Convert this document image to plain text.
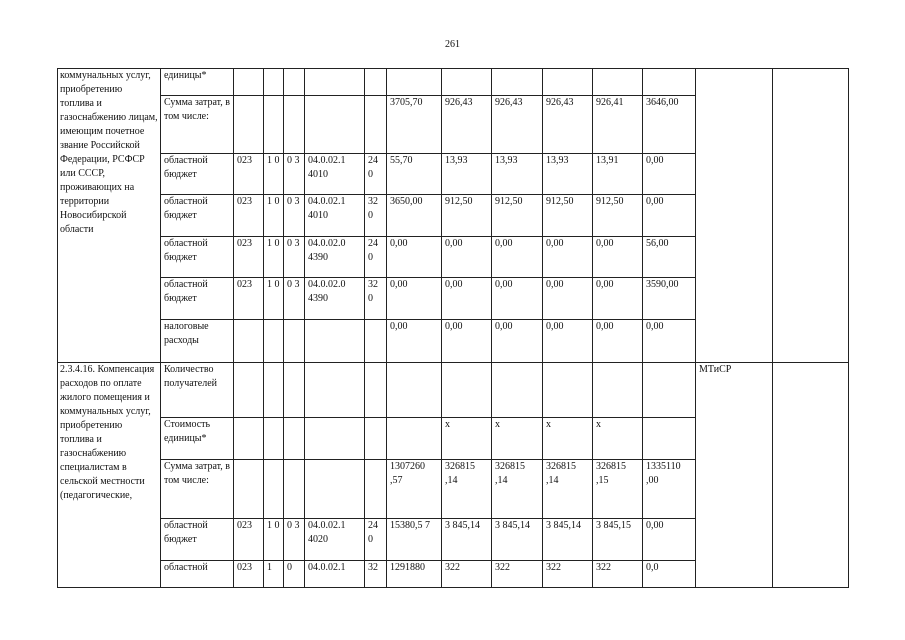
261
коммунальных услуг, приобретению топлива и газоснабжению лицам, имеющим почетное звание Российской Федерации, РСФСР или СССР, проживающих на территории Новосибирской области	единицы*													
	Сумма затрат, в том числе:						3705,70	926,43	926,43	926,43	926,41	3646,00		
	областной бюджет	023	1 0	0 3	04.0.02.1 4010	24 0	55,70	13,93	13,93	13,93	13,91	0,00		
	областной бюджет	023	1 0	0 3	04.0.02.1 4010	32 0	3650,00	912,50	912,50	912,50	912,50	0,00		
	областной бюджет	023	1 0	0 3	04.0.02.0 4390	24 0	0,00	0,00	0,00	0,00	0,00	56,00		
	областной бюджет	023	1 0	0 3	04.0.02.0 4390	32 0	0,00	0,00	0,00	0,00	0,00	3590,00		
	налоговые расходы						0,00	0,00	0,00	0,00	0,00	0,00		
2.3.4.16. Компенсация расходов по оплате жилого помещения и коммунальных услуг, приобретению топлива и газоснабжению специалистам в сельской местности (педагогические,	Количество получателей												МТиСР	
	Стоимость единицы*							x	x	x	x			
	Сумма затрат, в том числе:						1307260 ,57	326815 ,14	326815 ,14	326815 ,14	326815 ,15	1335110 ,00		
	областной бюджет	023	1 0	0 3	04.0.02.1 4020	24 0	15380,5 7	3 845,14	3 845,14	3 845,14	3 845,15	0,00		
	областной	023	1	0	04.0.02.1	32	1291880	322	322	322	322	0,0		
